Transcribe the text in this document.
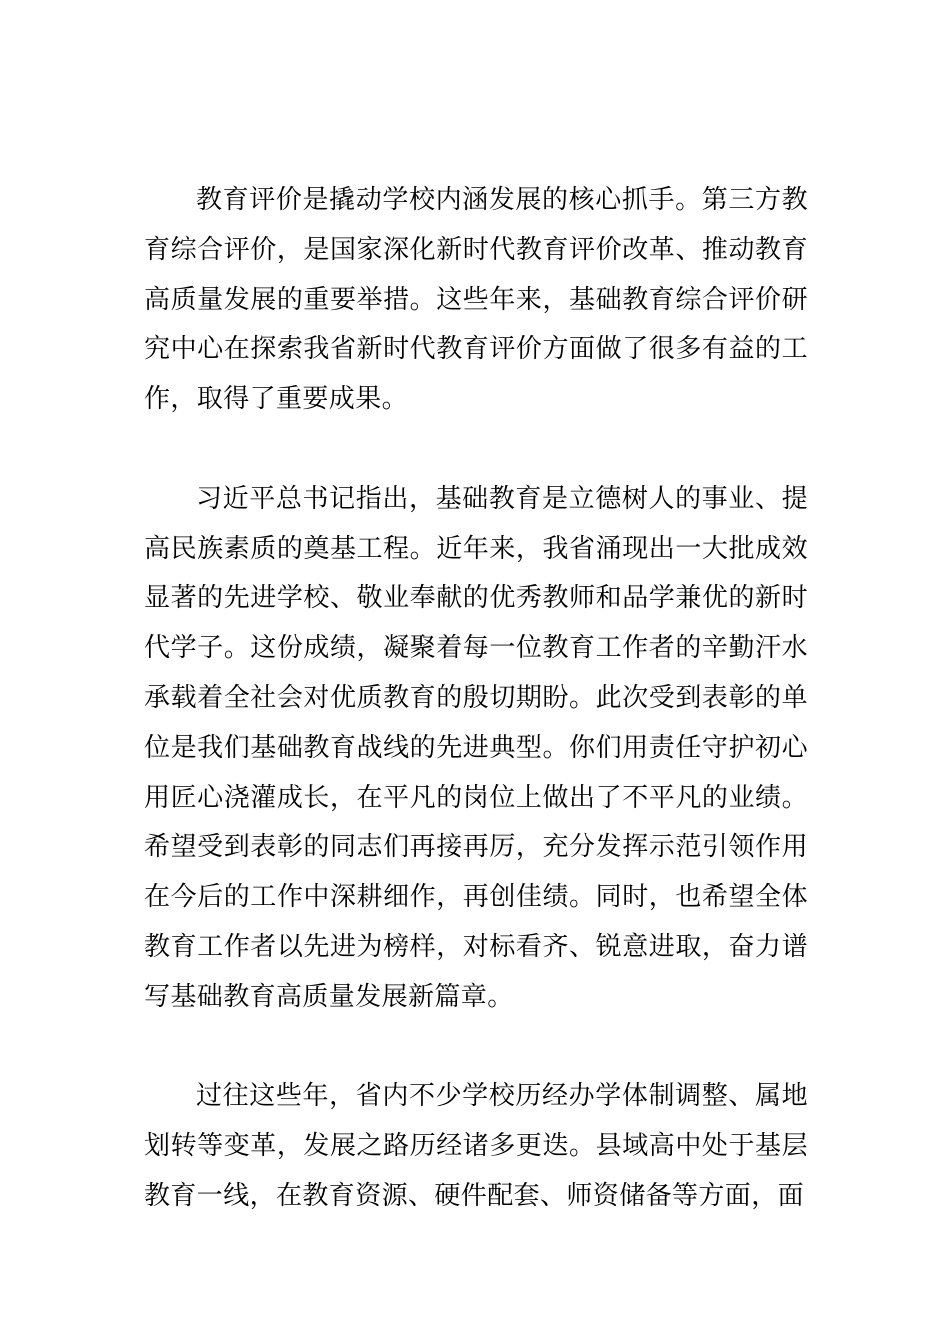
教育评价是撬动学校内涵发展的核心抓手。第三方教育综合评价，是国家深化新时代教育评价改革、推动教育高质量发展的重要举措。这些年来，基础教育综合评价研究中心在探索我省新时代教育评价方面做了很多有益的工作，取得了重要成果。

习近平总书记指出，基础教育是立德树人的事业、提高民族素质的奠基工程。近年来，我省涌现出一大批成效显著的先进学校、敬业奉献的优秀教师和品学兼优的新时代学子。这份成绩，凝聚着每一位教育工作者的辛勤汗水承载着全社会对优质教育的殷切期盼。此次受到表彰的单位是我们基础教育战线的先进典型。你们用责任守护初心用匠心浇灌成长，在平凡的岗位上做出了不平凡的业绩。希望受到表彰的同志们再接再厉，充分发挥示范引领作用在今后的工作中深耕细作，再创佳绩。同时，也希望全体教育工作者以先进为榜样，对标看齐、锐意进取，奋力谱写基础教育高质量发展新篇章。

过往这些年，省内不少学校历经办学体制调整、属地划转等变革，发展之路历经诸多更迭。县域高中处于基层教育一线，在教育资源、硬件配套、师资储备等方面，面
